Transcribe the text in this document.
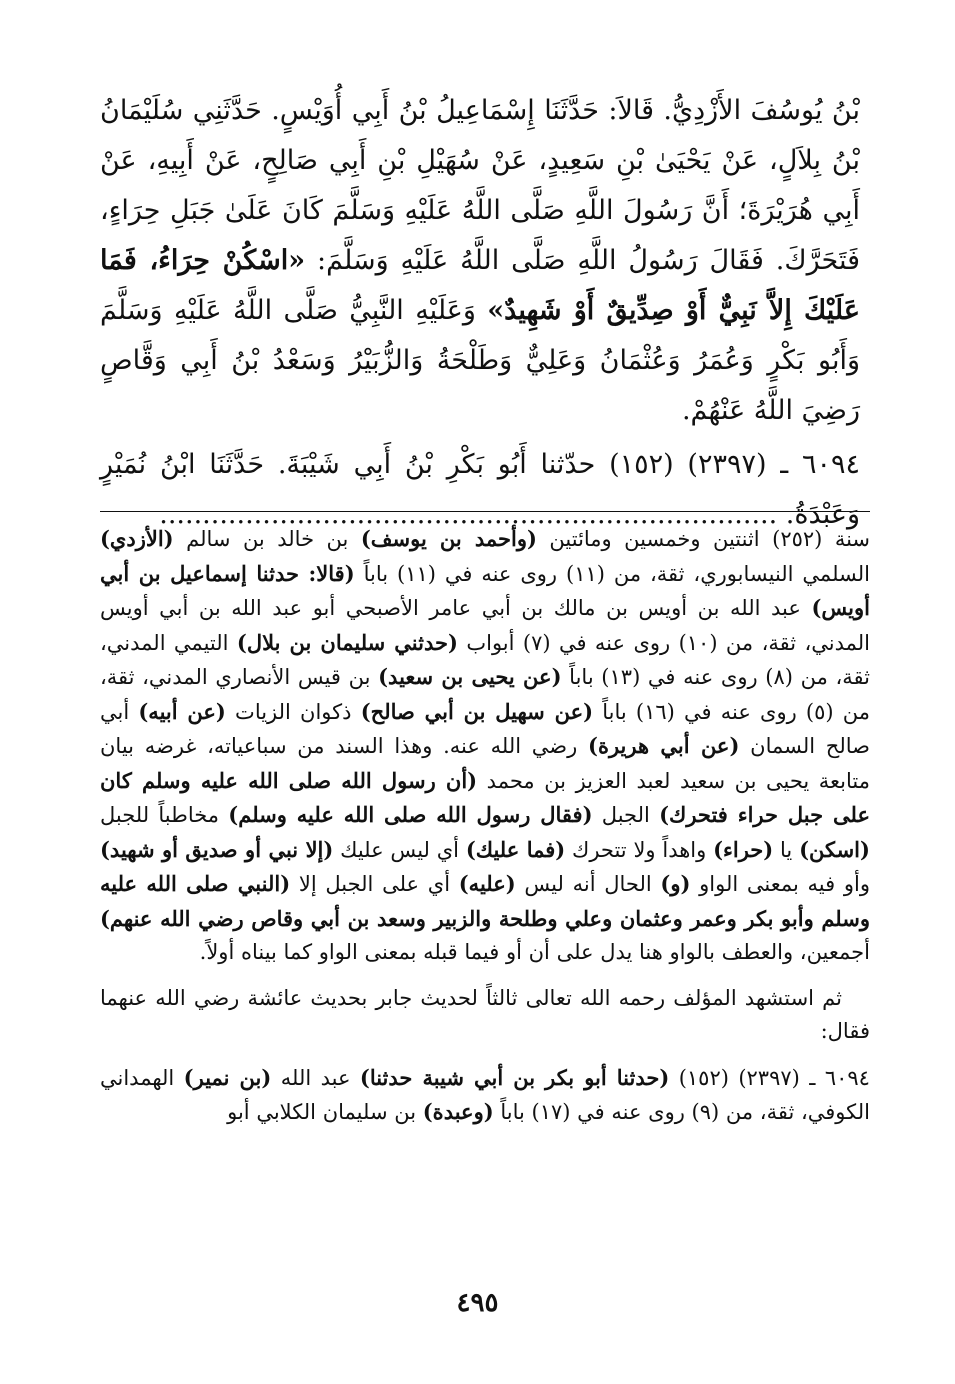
بْنُ يُوسُفَ الأَزْدِيُّ. قَالاَ: حَدَّثَنَا إِسْمَاعِيلُ بْنُ أَبِي أُوَيْسٍ. حَدَّثَنِي سُلَيْمَانُ بْنُ بِلاَلٍ، عَنْ يَحْيَىٰ بْنِ سَعِيدٍ، عَنْ سُهَيْلِ بْنِ أَبِي صَالِحٍ، عَنْ أَبِيهِ، عَنْ أَبِي هُرَيْرَةَ؛ أَنَّ رَسُولَ اللَّهِ صَلَّى اللَّهُ عَلَيْهِ وَسَلَّمَ كَانَ عَلَىٰ جَبَلِ حِرَاءٍ، فَتَحَرَّكَ. فَقَالَ رَسُولُ اللَّهِ صَلَّى اللَّهُ عَلَيْهِ وَسَلَّمَ: «اسْكُنْ حِرَاءُ، فَمَا عَلَيْكَ إِلاَّ نَبِيٌّ أَوْ صِدِّيقٌ أَوْ شَهِيدٌ» وَعَلَيْهِ النَّبِيُّ صَلَّى اللَّهُ عَلَيْهِ وَسَلَّمَ وَأَبُو بَكْرٍ وَعُمَرُ وَعُثْمَانُ وَعَلِيٌّ وَطَلْحَةُ وَالزُّبَيْرُ وَسَعْدُ بْنُ أَبِي وَقَّاصٍ رَضِيَ اللَّهُ عَنْهُمْ.

٦٠٩٤ ـ (٢٣٩٧) (١٥٢) حدّثنا أَبُو بَكْرِ بْنُ أَبِي شَيْبَةَ. حَدَّثَنَا ابْنُ نُمَيْرٍ وَعَبْدَةُ. ........................................................................

سنة (٢٥٢) اثنتين وخمسين ومائتين (وأحمد بن يوسف) بن خالد بن سالم (الأزدي) السلمي النيسابوري، ثقة، من (١١) روى عنه في (١١) باباً (قالا: حدثنا إسماعيل بن أبي أويس) عبد الله بن أويس بن مالك بن أبي عامر الأصبحي أبو عبد الله بن أبي أويس المدني، ثقة، من (١٠) روى عنه في (٧) أبواب (حدثني سليمان بن بلال) التيمي المدني، ثقة، من (٨) روى عنه في (١٣) باباً (عن يحيى بن سعيد) بن قيس الأنصاري المدني، ثقة، من (٥) روى عنه في (١٦) باباً (عن سهيل بن أبي صالح) ذكوان الزيات (عن أبيه) أبي صالح السمان (عن أبي هريرة) رضي الله عنه. وهذا السند من سباعياته، غرضه بيان متابعة يحيى بن سعيد لعبد العزيز بن محمد (أن رسول الله صلى الله عليه وسلم كان على جبل حراء فتحرك) الجبل (فقال رسول الله صلى الله عليه وسلم) مخاطباً للجبل (اسكن) يا (حراء) واهداً ولا تتحرك (فما عليك) أي ليس عليك (إلا نبي أو صديق أو شهيد) وأو فيه بمعنى الواو (و) الحال أنه ليس (عليه) أي على الجبل إلا (النبي صلى الله عليه وسلم وأبو بكر وعمر وعثمان وعلي وطلحة والزبير وسعد بن أبي وقاص رضي الله عنهم) أجمعين، والعطف بالواو هنا يدل على أن أو فيما قبله بمعنى الواو كما بيناه أولاً.

ثم استشهد المؤلف رحمه الله تعالى ثالثاً لحديث جابر بحديث عائشة رضي الله عنهما فقال:

٦٠٩٤ ـ (٢٣٩٧) (١٥٢) (حدثنا أبو بكر بن أبي شيبة حدثنا) عبد الله (بن نمير) الهمداني الكوفي، ثقة، من (٩) روى عنه في (١٧) باباً (وعبدة) بن سليمان الكلابي أبو

٤٩٥
